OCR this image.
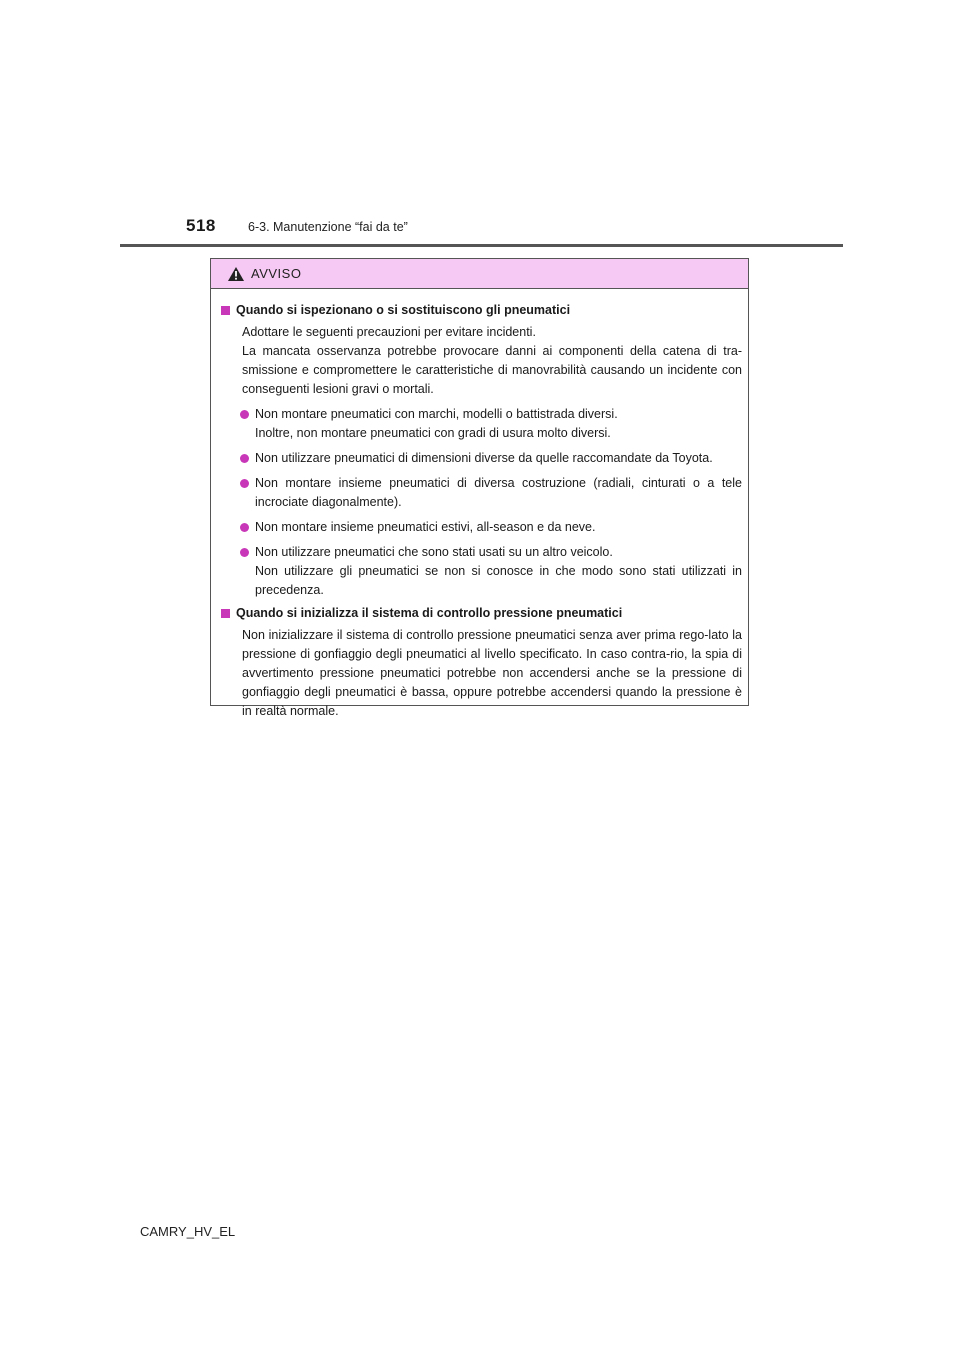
518	6-3. Manutenzione “fai da te”
AVVISO
Quando si ispezionano o si sostituiscono gli pneumatici
Adottare le seguenti precauzioni per evitare incidenti.
La mancata osservanza potrebbe provocare danni ai componenti della catena di tra-smissione e compromettere le caratteristiche di manovrabilità causando un incidente con conseguenti lesioni gravi o mortali.
Non montare pneumatici con marchi, modelli o battistrada diversi.
Inoltre, non montare pneumatici con gradi di usura molto diversi.
Non utilizzare pneumatici di dimensioni diverse da quelle raccomandate da Toyota.
Non montare insieme pneumatici di diversa costruzione (radiali, cinturati o a tele incrociate diagonalmente).
Non montare insieme pneumatici estivi, all-season e da neve.
Non utilizzare pneumatici che sono stati usati su un altro veicolo.
Non utilizzare gli pneumatici se non si conosce in che modo sono stati utilizzati in precedenza.
Quando si inizializza il sistema di controllo pressione pneumatici
Non inizializzare il sistema di controllo pressione pneumatici senza aver prima rego-lato la pressione di gonfiaggio degli pneumatici al livello specificato. In caso contra-rio, la spia di avvertimento pressione pneumatici potrebbe non accendersi anche se la pressione di gonfiaggio degli pneumatici è bassa, oppure potrebbe accendersi quando la pressione è in realtà normale.
CAMRY_HV_EL
